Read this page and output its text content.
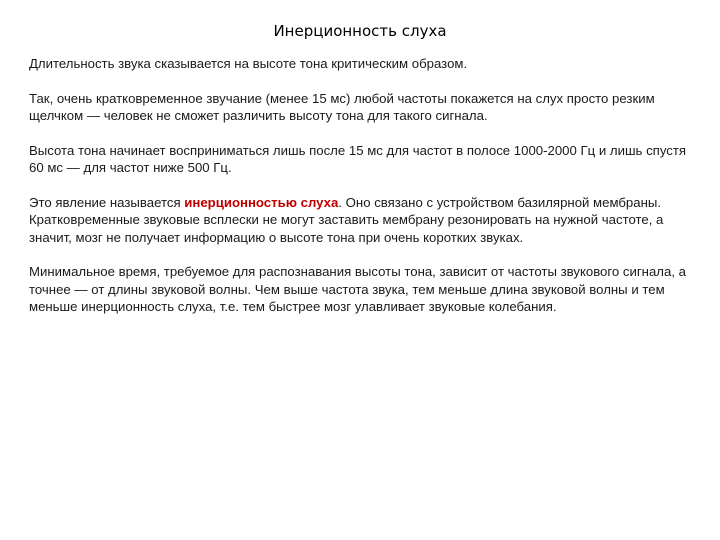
Инерционность слуха

Длительность звука сказывается на высоте тона критическим образом.

Так, очень кратковременное звучание (менее 15 мс) любой частоты покажется на слух просто резким щелчком — человек не сможет различить высоту тона для такого сигнала.

Высота тона начинает восприниматься лишь после 15 мс для частот в полосе 1000-2000 Гц и лишь спустя 60 мс — для частот ниже 500 Гц.

Это явление называется инерционностью слуха. Оно связано с устройством базилярной мембраны. Кратковременные звуковые всплески не могут заставить мембрану резонировать на нужной частоте, а значит, мозг не получает информацию о высоте тона при очень коротких звуках.

Минимальное время, требуемое для распознавания высоты тона, зависит от частоты звукового сигнала, а точнее — от длины звуковой волны. Чем выше частота звука, тем меньше длина звуковой волны и тем меньше инерционность слуха, т.е. тем быстрее мозг улавливает звуковые колебания.
